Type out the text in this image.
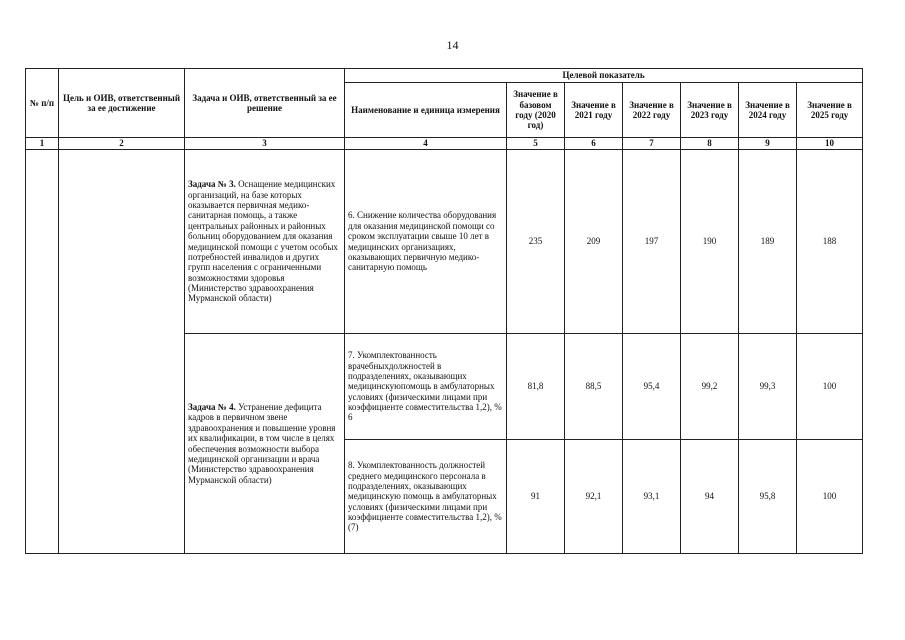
14
№ п/п	Цель и ОИВ, ответственный за ее достижение	Задача и ОИВ, ответственный за ее решение	Целевой показатель						
			Наименование и единица измерения	Значение в базовом году (2020 год)	Значение в 2021 году	Значение в 2022 году	Значение в 2023 году	Значение в 2024 году	Значение в 2025 году
1	2	3	4	5	6	7	8	9	10
		Задача № 3. Оснащение медицинских организаций, на базе которых оказывается первичная медико-санитарная помощь, а также центральных районных и районных больниц оборудованием для оказания медицинской помощи с учетом особых потребностей инвалидов и других групп населения с ограниченными возможностями здоровья (Министерство здравоохранения Мурманской области)	6. Снижение количества оборудования для оказания медицинской помощи со сроком эксплуатации свыше 10 лет в медицинских организациях, оказывающих первичную медико-санитарную помощь	235	209	197	190	189	188
		Задача № 4. Устранение дефицита кадров в первичном звене здравоохранения и повышение уровня их квалификации, в том числе в целях обеспечения возможности выбора медицинской организации и врача (Министерство здравоохранения Мурманской области)	7. Укомплектованность врачебныхдолжностей в подразделениях, оказывающих медицинскуюпомощь в амбулаторных условиях (физическими лицами при коэффициенте совместительства 1,2), % 6	81,8	88,5	95,4	99,2	99,3	100
			8. Укомплектованность должностей среднего медицинского персонала в подразделениях, оказывающих медицинскую помощь в амбулаторных условиях (физическими лицами при коэффициенте совместительства 1,2), % (7)	91	92,1	93,1	94	95,8	100
